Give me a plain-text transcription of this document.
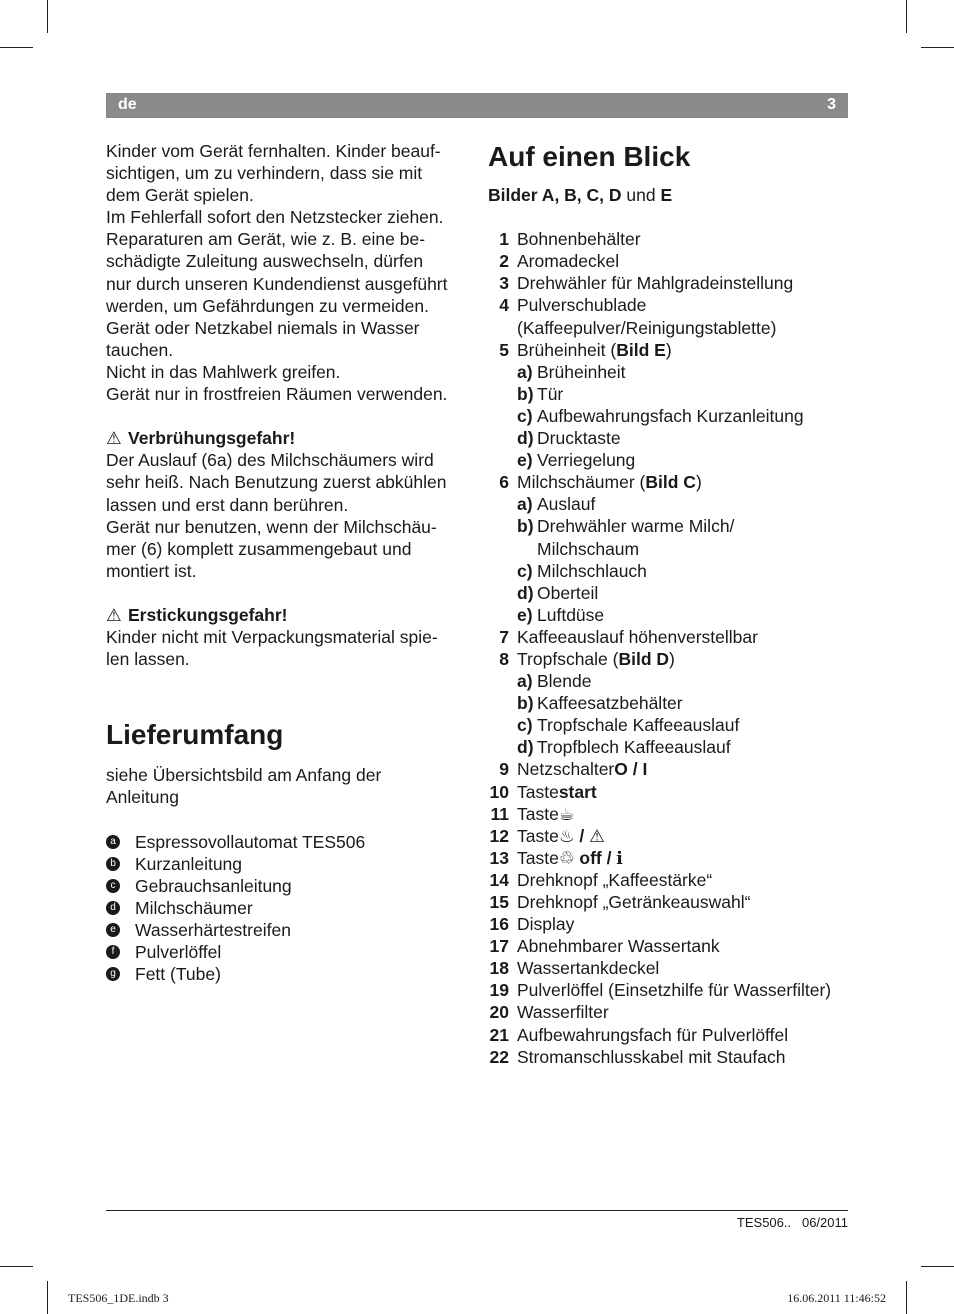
de	3
Kinder vom Gerät fernhalten. Kinder beauf-
sichtigen, um zu verhindern, dass sie mit
dem Gerät spielen.
Im Fehlerfall sofort den Netzstecker ziehen.
Reparaturen am Gerät, wie z. B. eine be-
schädigte Zuleitung auswechseln, dürfen
nur durch unseren Kundendienst ausgeführt
werden, um Gefährdungen zu vermeiden.
Gerät oder Netzkabel niemals in Wasser
tauchen.
Nicht in das Mahlwerk greifen.
Gerät nur in frostfreien Räumen verwenden.
⚠ Verbrühungsgefahr!
Der Auslauf (6a) des Milchschäumers wird
sehr heiß. Nach Benutzung zuerst abkühlen
lassen und erst dann berühren.
Gerät nur benutzen, wenn der Milchschäu-
mer (6) komplett zusammengebaut und
montiert ist.
⚠ Erstickungsgefahr!
Kinder nicht mit Verpackungsmaterial spie-
len lassen.
Lieferumfang
siehe Übersichtsbild am Anfang der
Anleitung
a Espressovollautomat TES506
b Kurzanleitung
c Gebrauchsanleitung
d Milchschäumer
e Wasserhärtestreifen
f	Pulverlöffel
g Fett (Tube)
Auf einen Blick
Bilder A, B, C, D und E
1 Bohnenbehälter
2 Aromadeckel
3 Drehwähler für Mahlgradeinstellung
4 Pulverschublade
(Kaffeepulver/Reinigungstablette)
5 Brüheinheit ( Bild E )
a) Brüheinheit
b) Tür
c) Aufbewahrungsfach Kurzanleitung
d) Drucktaste
e) Verriegelung
6 Milchschäumer ( Bild C )
a) Auslauf
b) Drehwähler warme Milch/
Milchschaum
c) Milchschlauch
d) Oberteil
e) Luftdüse
7 Kaffeeauslauf höhenverstellbar
8 Tropfschale ( Bild D )
a) Blende
b) Kaffeesatzbehälter
c) Tropfschale Kaffeeauslauf
d) Tropfblech Kaffeeauslauf
9 Netzschalter O / I
10 Taste start
11 Taste ☕
12 Taste ♨ / ⚠
13 Taste ♲ off / ℹ
14 Drehknopf „Kaffeestärke“
15 Drehknopf „Getränkeauswahl“
16 Display
17 Abnehmbarer Wassertank
18 Wassertankdeckel
19 Pulverlöffel (Einsetzhilfe für Wasserfilter)
20 Wasserfilter
21 Aufbewahrungsfach für Pulverlöffel
22 Stromanschlusskabel mit Staufach
TES506.. 06/2011
TES506_1DE.indb 3	16.06.2011 11:46:52
